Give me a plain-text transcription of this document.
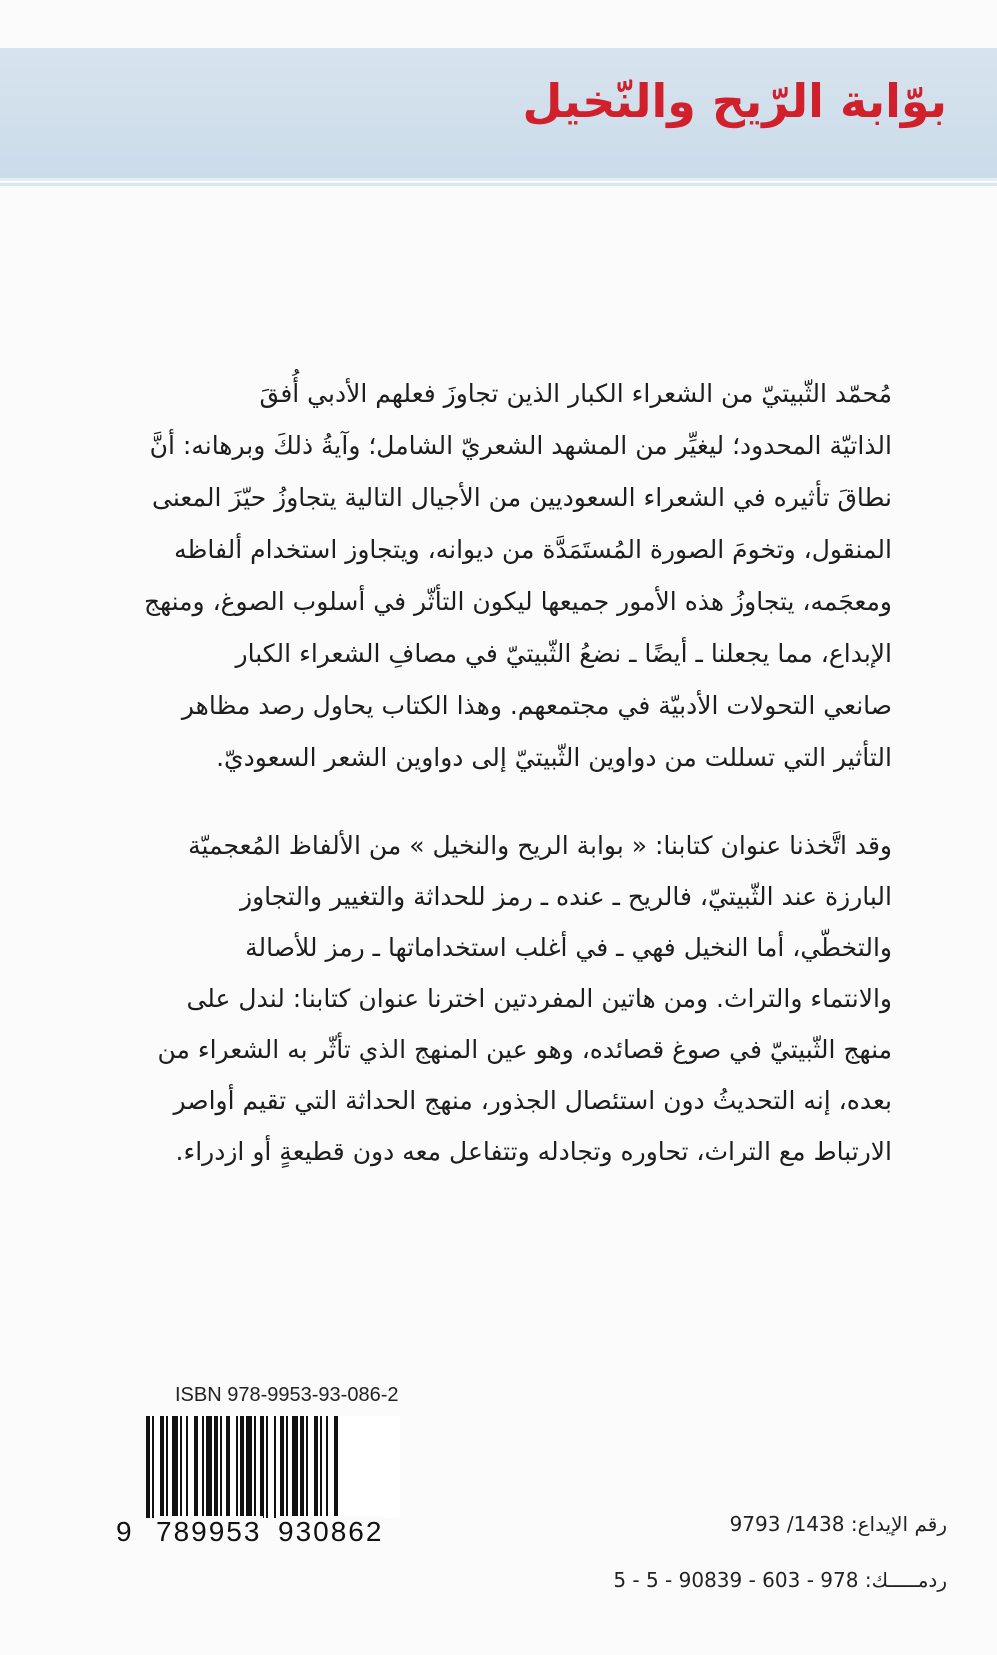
بوّابة الرّيح والنّخيل
مُحمّد الثّبيتيّ من الشعراء الكبار الذين تجاوزَ فعلهم الأدبي أُفقَ
الذاتيّة المحدود؛ ليغيِّر من المشهد الشعريّ الشامل؛ وآيةُ ذلكَ وبرهانه: أنَّ
نطاقَ تأثيره في الشعراء السعوديين من الأجيال التالية يتجاوزُ حيّزَ المعنى
المنقول، وتخومَ الصورة المُستَمَدَّة من ديوانه، ويتجاوز استخدام ألفاظه
ومعجَمه، يتجاوزُ هذه الأمور جميعها ليكون التأثّر في أسلوب الصوغ، ومنهج
الإبداع، مما يجعلنا ـ أيضًا ـ نضعُ الثّبيتيّ في مصافِ الشعراء الكبار
صانعي التحولات الأدبيّة في مجتمعهم. وهذا الكتاب يحاول رصد مظاهر
التأثير التي تسللت من دواوين الثّبيتيّ إلى دواوين الشعر السعوديّ.
وقد اتَّخذنا عنوان كتابنا: « بوابة الريح والنخيل » من الألفاظ المُعجميّة
البارزة عند الثّبيتيّ، فالريح ـ عنده ـ رمز للحداثة والتغيير والتجاوز
والتخطّي، أما النخيل فهي ـ في أغلب استخداماتها ـ رمز للأصالة
والانتماء والتراث. ومن هاتين المفردتين اخترنا عنوان كتابنا: لندل على
منهج الثّبيتيّ في صوغ قصائده، وهو عين المنهج الذي تأثّر به الشعراء من
بعده، إنه التحديثُ دون استئصال الجذور، منهج الحداثة التي تقيم أواصر
الارتباط مع التراث، تحاوره وتجادله وتتفاعل معه دون قطيعةٍ أو ازدراء.
ISBN 978-9953-93-086-2
9 789953 930862	رقم الإيداع: 9793 /1438
ردمـــــك: 5 - 5 - 90839 - 603 - 978
